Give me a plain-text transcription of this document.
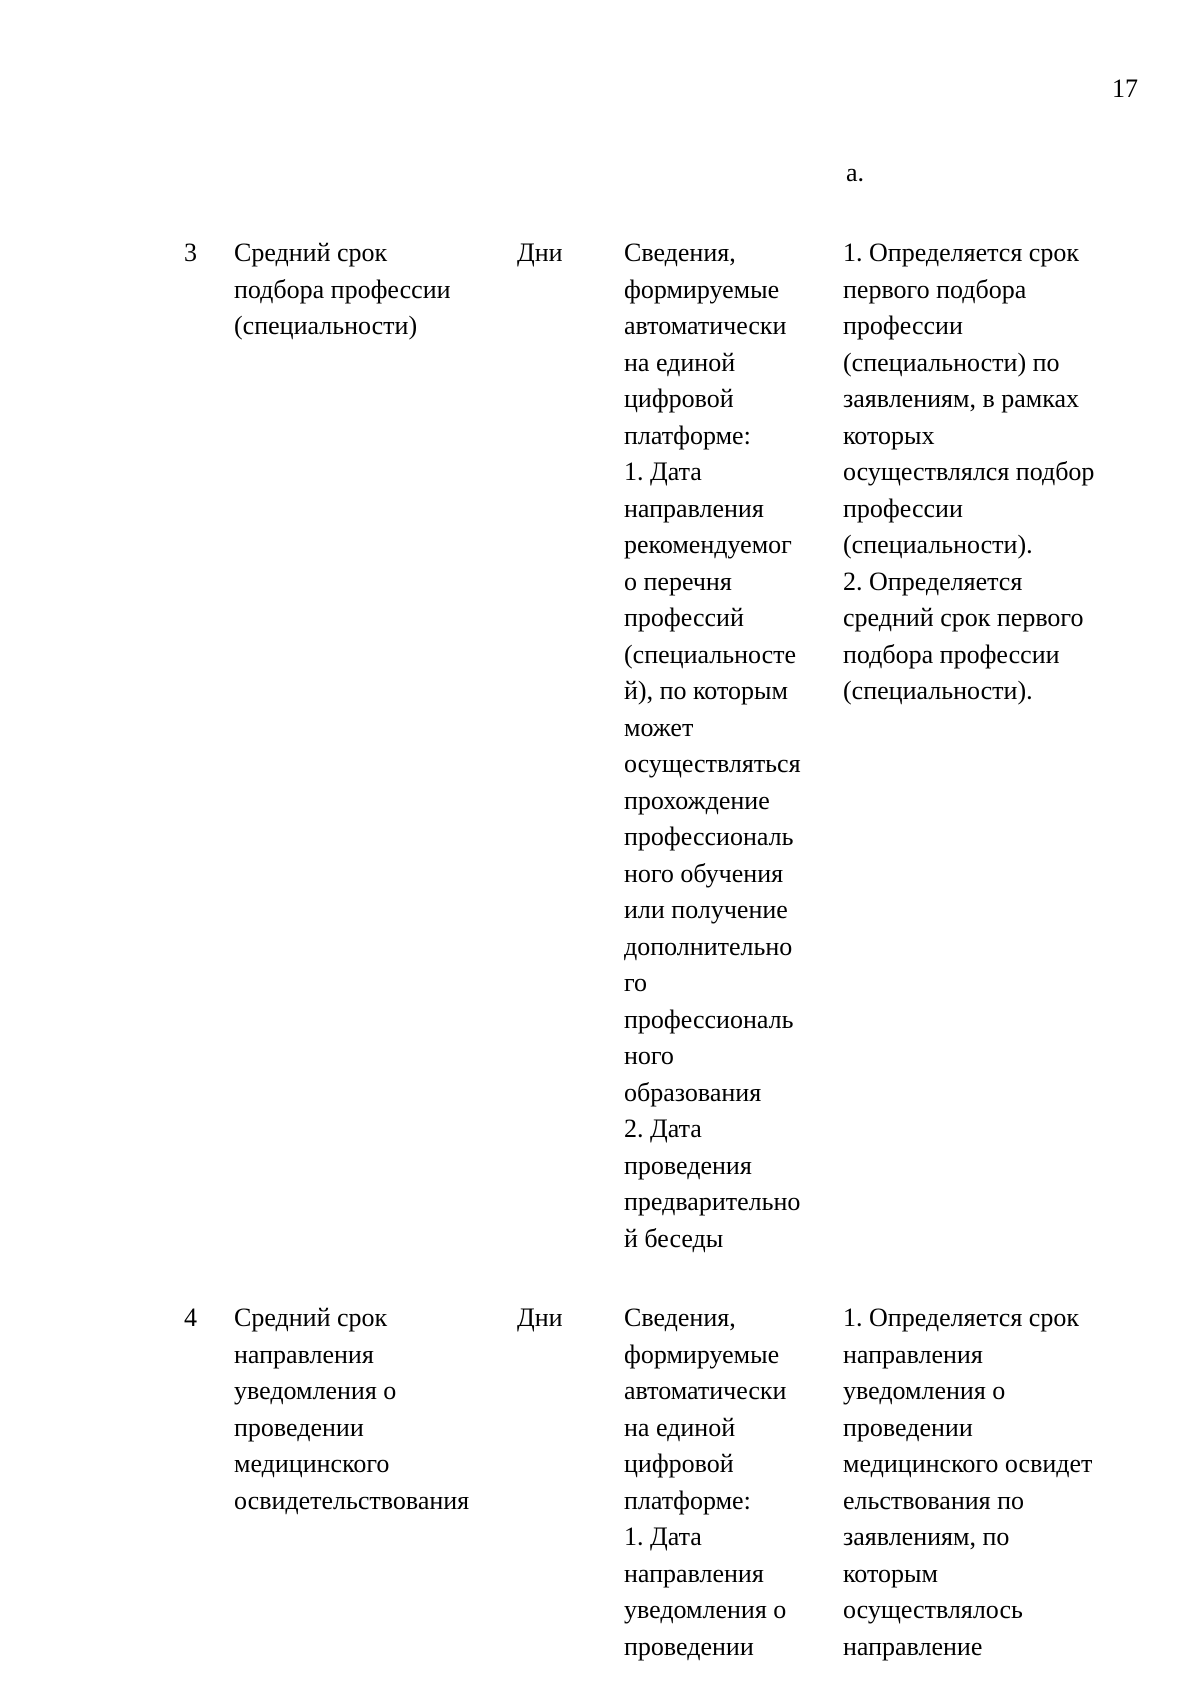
17
а.
3 Средний срок
подбора профессии
(специальности)
Дни Сведения,
формируемые
автоматически
на единой
цифровой
платформе:
1. Дата
направления
рекомендуемог
о перечня
профессий
(специальносте
й), по которым
может
осуществляться
прохождение
профессиональ
ного обучения
или получение
дополнительно
го
профессиональ
ного
образования
2. Дата
проведения
предварительно
й беседы
1. Определяется срок
первого подбора
профессии
(специальности) по
заявлениям, в рамках
которых
осуществлялся подбор
профессии
(специальности).
2. Определяется
средний срок первого
подбора профессии
(специальности).
4 Средний срок
направления
уведомления о
проведении
медицинского
освидетельствования
Дни Сведения,
формируемые
автоматически
на единой
цифровой
платформе:
1. Дата
направления
уведомления о
проведении
1. Определяется срок
направления
уведомления о
проведении
медицинского освидет
ельствования по
заявлениям, по
которым
осуществлялось
направление
